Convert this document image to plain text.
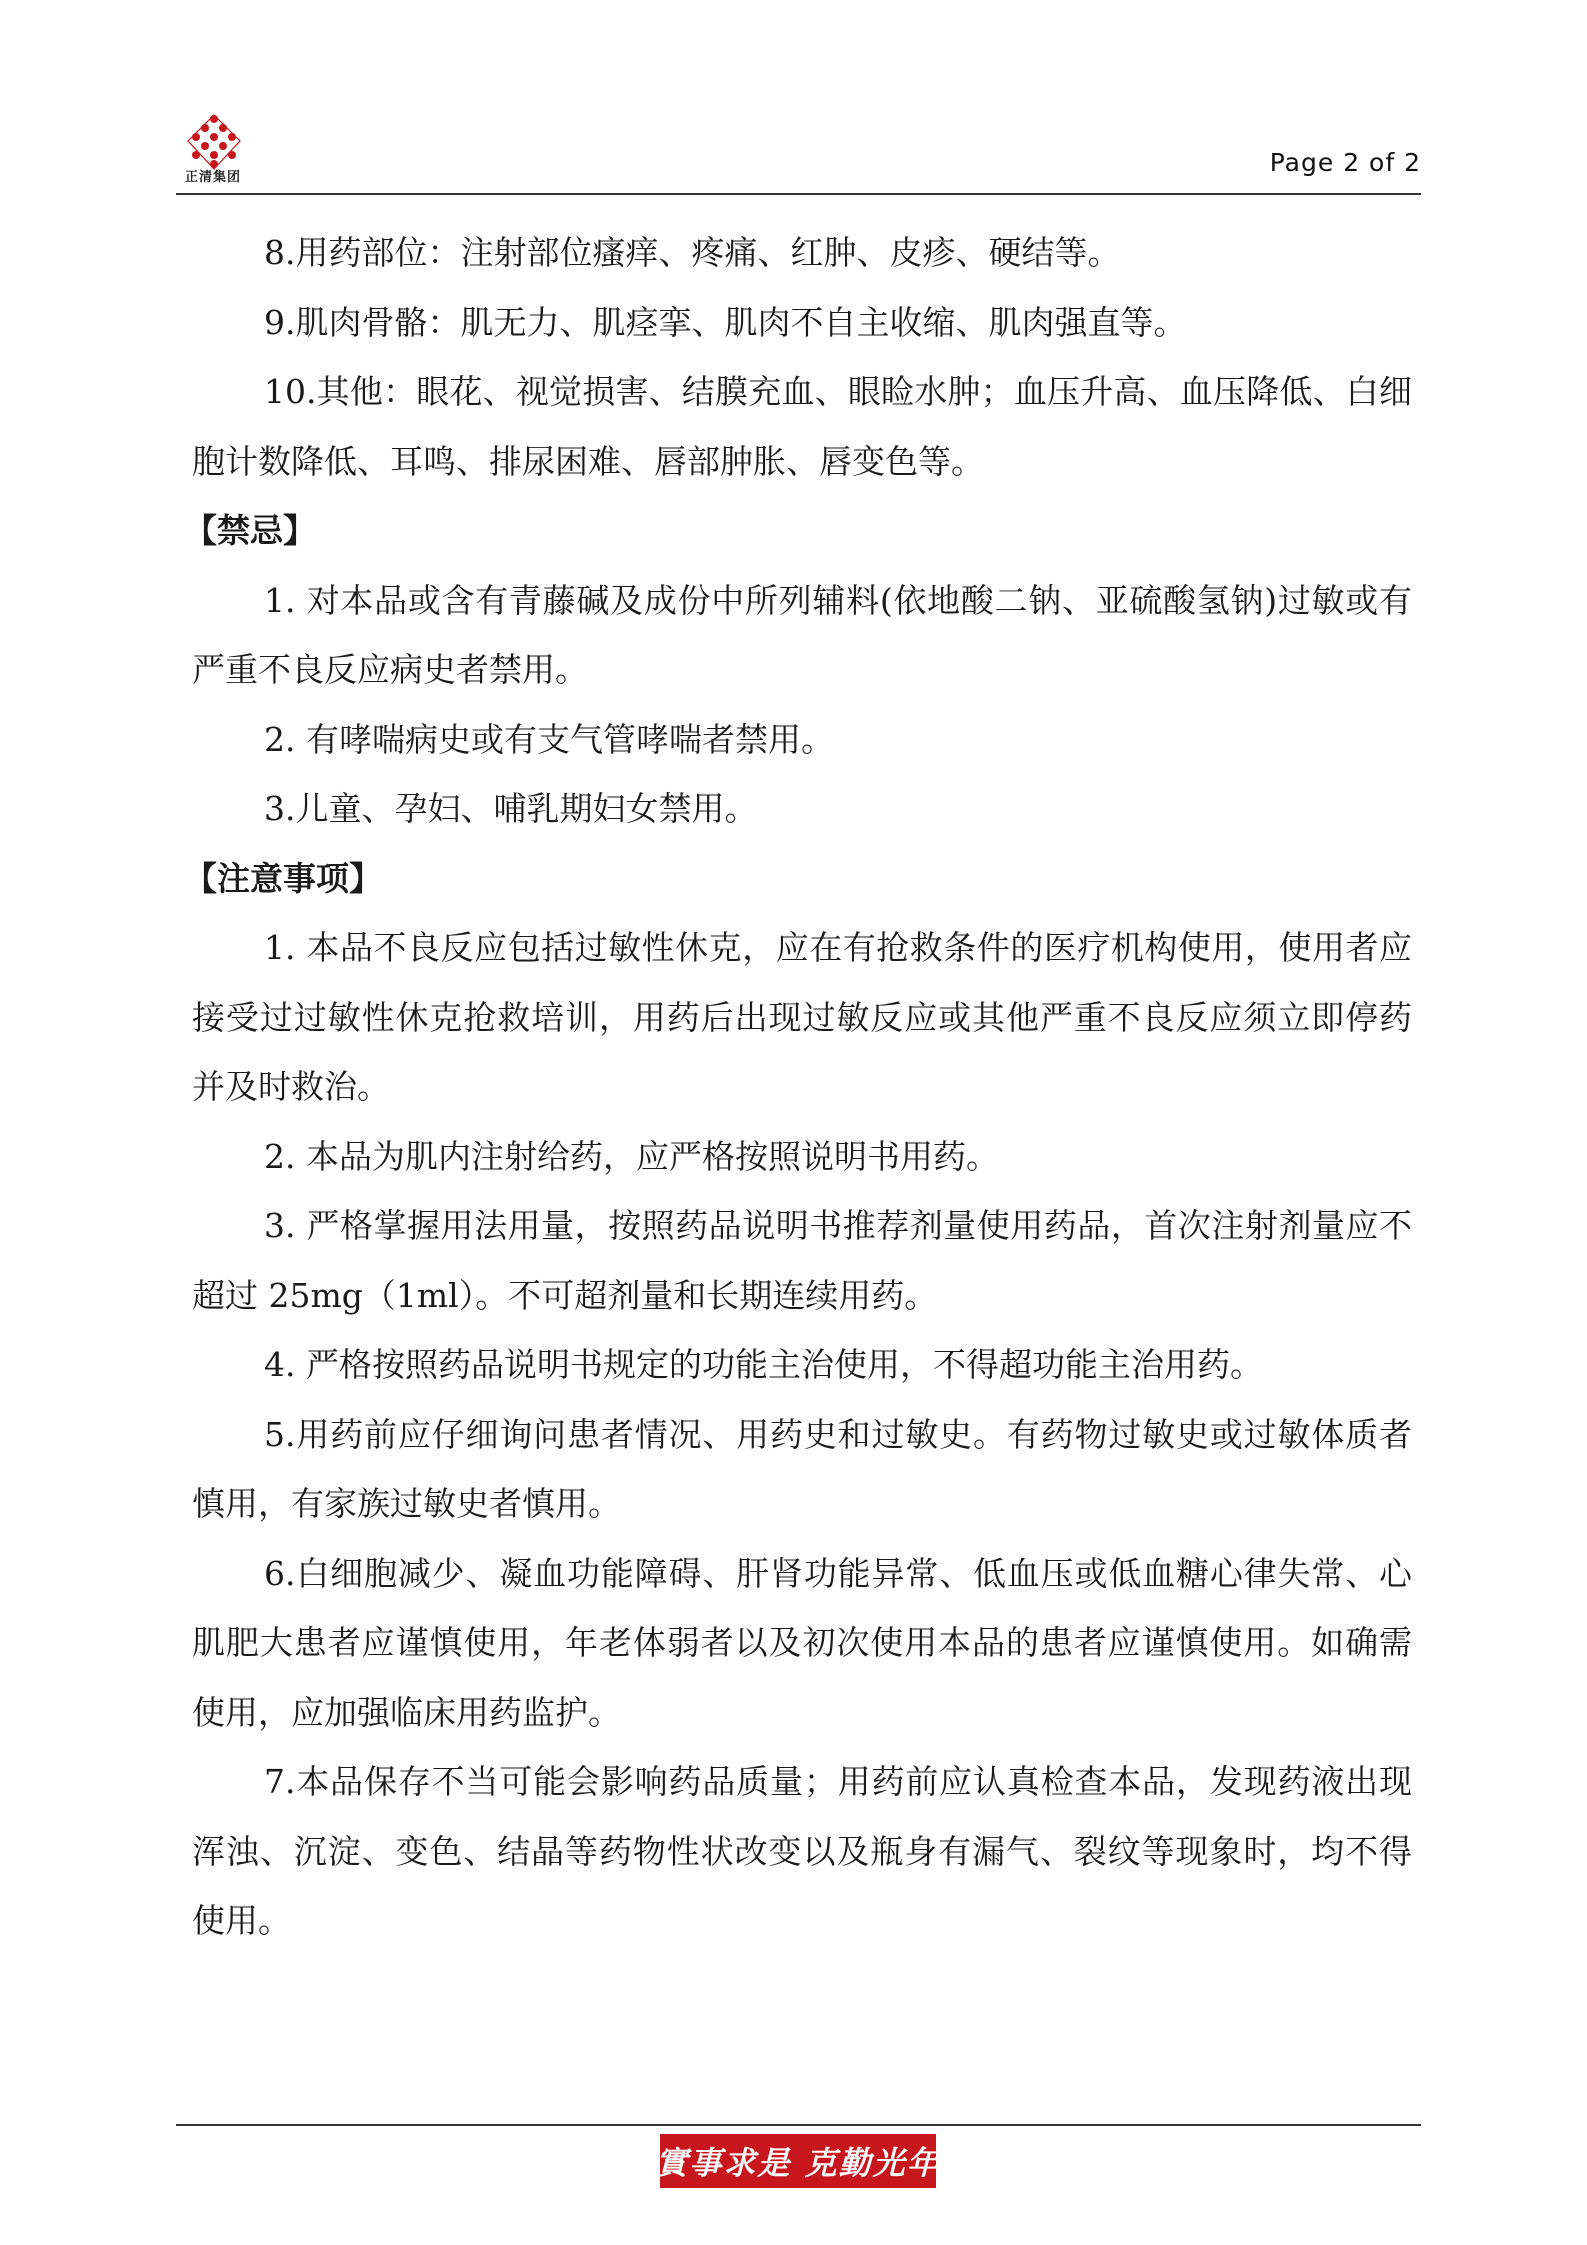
正清集团
Page 2 of 2

8.用药部位：注射部位瘙痒、疼痛、红肿、皮疹、硬结等。

9.肌肉骨骼：肌无力、肌痉挛、肌肉不自主收缩、肌肉强直等。

10.其他：眼花、视觉损害、结膜充血、眼睑水肿；血压升高、血压降低、白细胞计数降低、耳鸣、排尿困难、唇部肿胀、唇变色等。

【禁忌】

1. 对本品或含有青藤碱及成份中所列辅料(依地酸二钠、亚硫酸氢钠)过敏或有严重不良反应病史者禁用。

2. 有哮喘病史或有支气管哮喘者禁用。

3.儿童、孕妇、哺乳期妇女禁用。

【注意事项】

1. 本品不良反应包括过敏性休克，应在有抢救条件的医疗机构使用，使用者应接受过过敏性休克抢救培训，用药后出现过敏反应或其他严重不良反应须立即停药并及时救治。

2. 本品为肌内注射给药，应严格按照说明书用药。

3. 严格掌握用法用量，按照药品说明书推荐剂量使用药品，首次注射剂量应不超过 25mg（1ml）。不可超剂量和长期连续用药。

4. 严格按照药品说明书规定的功能主治使用，不得超功能主治用药。

5.用药前应仔细询问患者情况、用药史和过敏史。有药物过敏史或过敏体质者慎用，有家族过敏史者慎用。

6.白细胞减少、凝血功能障碍、肝肾功能异常、低血压或低血糖心律失常、心肌肥大患者应谨慎使用，年老体弱者以及初次使用本品的患者应谨慎使用。如确需使用，应加强临床用药监护。

7.本品保存不当可能会影响药品质量；用药前应认真检查本品，发现药液出现浑浊、沉淀、变色、结晶等药物性状改变以及瓶身有漏气、裂纹等现象时，均不得使用。

實事求是 克勤光年
